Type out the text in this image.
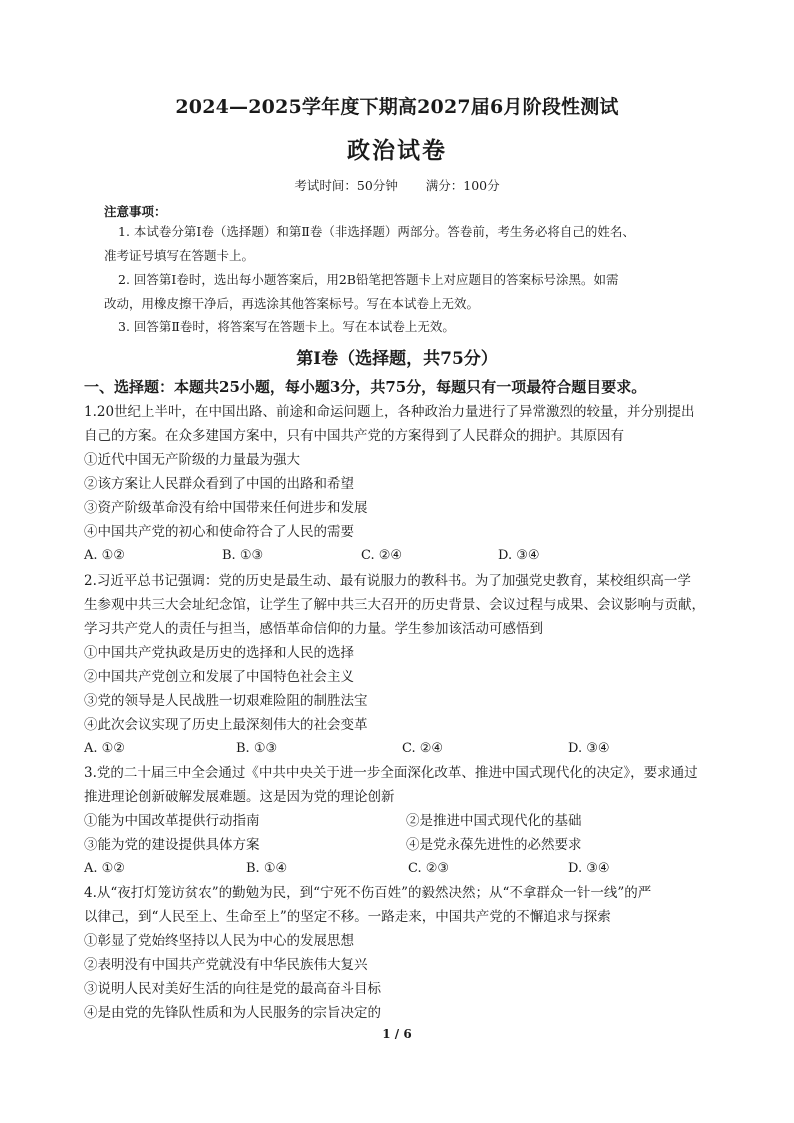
2024—2025学年度下期高2027届6月阶段性测试
政治试卷
考试时间：50分钟 满分：100分
注意事项：
1. 本试卷分第Ⅰ卷（选择题）和第Ⅱ卷（非选择题）两部分。答卷前，考生务必将自己的姓名、
准考证号填写在答题卡上。
2. 回答第Ⅰ卷时，选出每小题答案后，用2B铅笔把答题卡上对应题目的答案标号涂黑。如需
改动，用橡皮擦干净后，再选涂其他答案标号。写在本试卷上无效。
3. 回答第Ⅱ卷时，将答案写在答题卡上。写在本试卷上无效。
第Ⅰ卷（选择题，共75分）
一、选择题：本题共25小题，每小题3分，共75分，每题只有一项最符合题目要求。
1.20世纪上半叶，在中国出路、前途和命运问题上，各种政治力量进行了异常激烈的较量，并分别提出
自己的方案。在众多建国方案中，只有中国共产党的方案得到了人民群众的拥护。其原因有
①近代中国无产阶级的力量最为强大
②该方案让人民群众看到了中国的出路和希望
③资产阶级革命没有给中国带来任何进步和发展
④中国共产党的初心和使命符合了人民的需要
A. ①②	B. ①③	C. ②④	D. ③④
2.习近平总书记强调：党的历史是最生动、最有说服力的教科书。为了加强党史教育，某校组织高一学
生参观中共三大会址纪念馆，让学生了解中共三大召开的历史背景、会议过程与成果、会议影响与贡献，
学习共产党人的责任与担当，感悟革命信仰的力量。学生参加该活动可感悟到
①中国共产党执政是历史的选择和人民的选择
②中国共产党创立和发展了中国特色社会主义
③党的领导是人民战胜一切艰难险阻的制胜法宝
④此次会议实现了历史上最深刻伟大的社会变革
A. ①②	B. ①③	C. ②④	D. ③④
3.党的二十届三中全会通过《中共中央关于进一步全面深化改革、推进中国式现代化的决定》，要求通过
推进理论创新破解发展难题。这是因为党的理论创新
①能为中国改革提供行动指南	②是推进中国式现代化的基础
③能为党的建设提供具体方案	④是党永葆先进性的必然要求
A. ①②	B. ①④	C. ②③	D. ③④
4.从“夜打灯笼访贫农”的勤勉为民，到“宁死不伤百姓”的毅然决然；从“不拿群众一针一线”的严
以律己，到“人民至上、生命至上”的坚定不移。一路走来，中国共产党的不懈追求与探索
①彰显了党始终坚持以人民为中心的发展思想
②表明没有中国共产党就没有中华民族伟大复兴
③说明人民对美好生活的向往是党的最高奋斗目标
④是由党的先锋队性质和为人民服务的宗旨决定的
1 / 6
